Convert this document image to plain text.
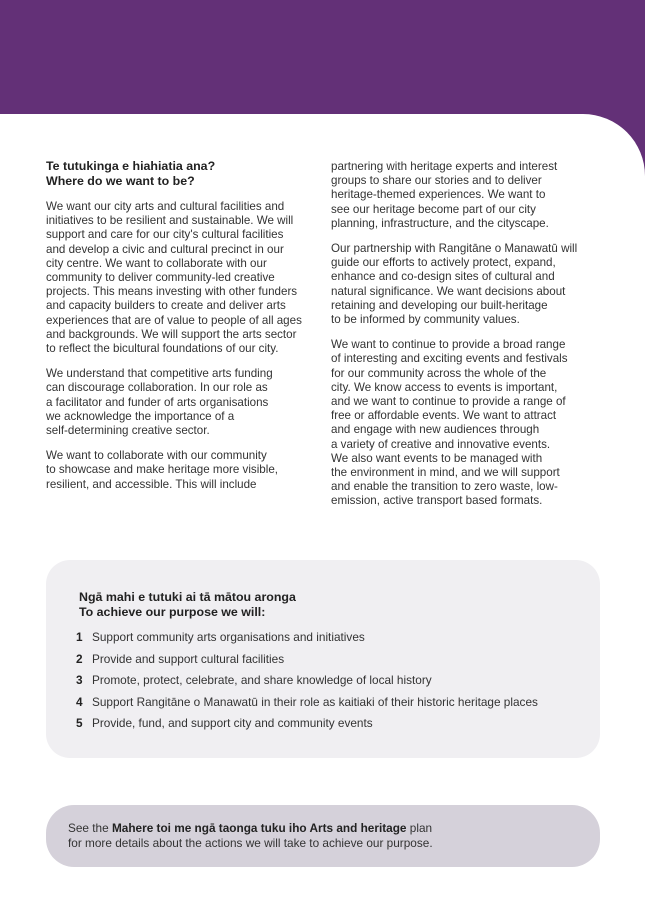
Te tutukinga e hiahiatia ana?
Where do we want to be?

We want our city arts and cultural facilities and
initiatives to be resilient and sustainable. We will
support and care for our city's cultural facilities
and develop a civic and cultural precinct in our
city centre. We want to collaborate with our
community to deliver community-led creative
projects. This means investing with other funders
and capacity builders to create and deliver arts
experiences that are of value to people of all ages
and backgrounds. We will support the arts sector
to reflect the bicultural foundations of our city.

We understand that competitive arts funding
can discourage collaboration. In our role as
a facilitator and funder of arts organisations
we acknowledge the importance of a
self-determining creative sector.

We want to collaborate with our community
to showcase and make heritage more visible,
resilient, and accessible. This will include

partnering with heritage experts and interest
groups to share our stories and to deliver
heritage-themed experiences. We want to
see our heritage become part of our city
planning, infrastructure, and the cityscape.

Our partnership with Rangitāne o Manawatū will
guide our efforts to actively protect, expand,
enhance and co-design sites of cultural and
natural significance. We want decisions about
retaining and developing our built-heritage
to be informed by community values.

We want to continue to provide a broad range
of interesting and exciting events and festivals
for our community across the whole of the
city. We know access to events is important,
and we want to continue to provide a range of
free or affordable events. We want to attract
and engage with new audiences through
a variety of creative and innovative events.
We also want events to be managed with
the environment in mind, and we will support
and enable the transition to zero waste, low-
emission, active transport based formats.

Ngā mahi e tutuki ai tā mātou aronga
To achieve our purpose we will:
1 Support community arts organisations and initiatives
2 Provide and support cultural facilities
3 Promote, protect, celebrate, and share knowledge of local history
4 Support Rangitāne o Manawatū in their role as kaitiaki of their historic heritage places
5 Provide, fund, and support city and community events
See the Mahere toi me ngā taonga tuku iho Arts and heritage plan
for more details about the actions we will take to achieve our purpose.
